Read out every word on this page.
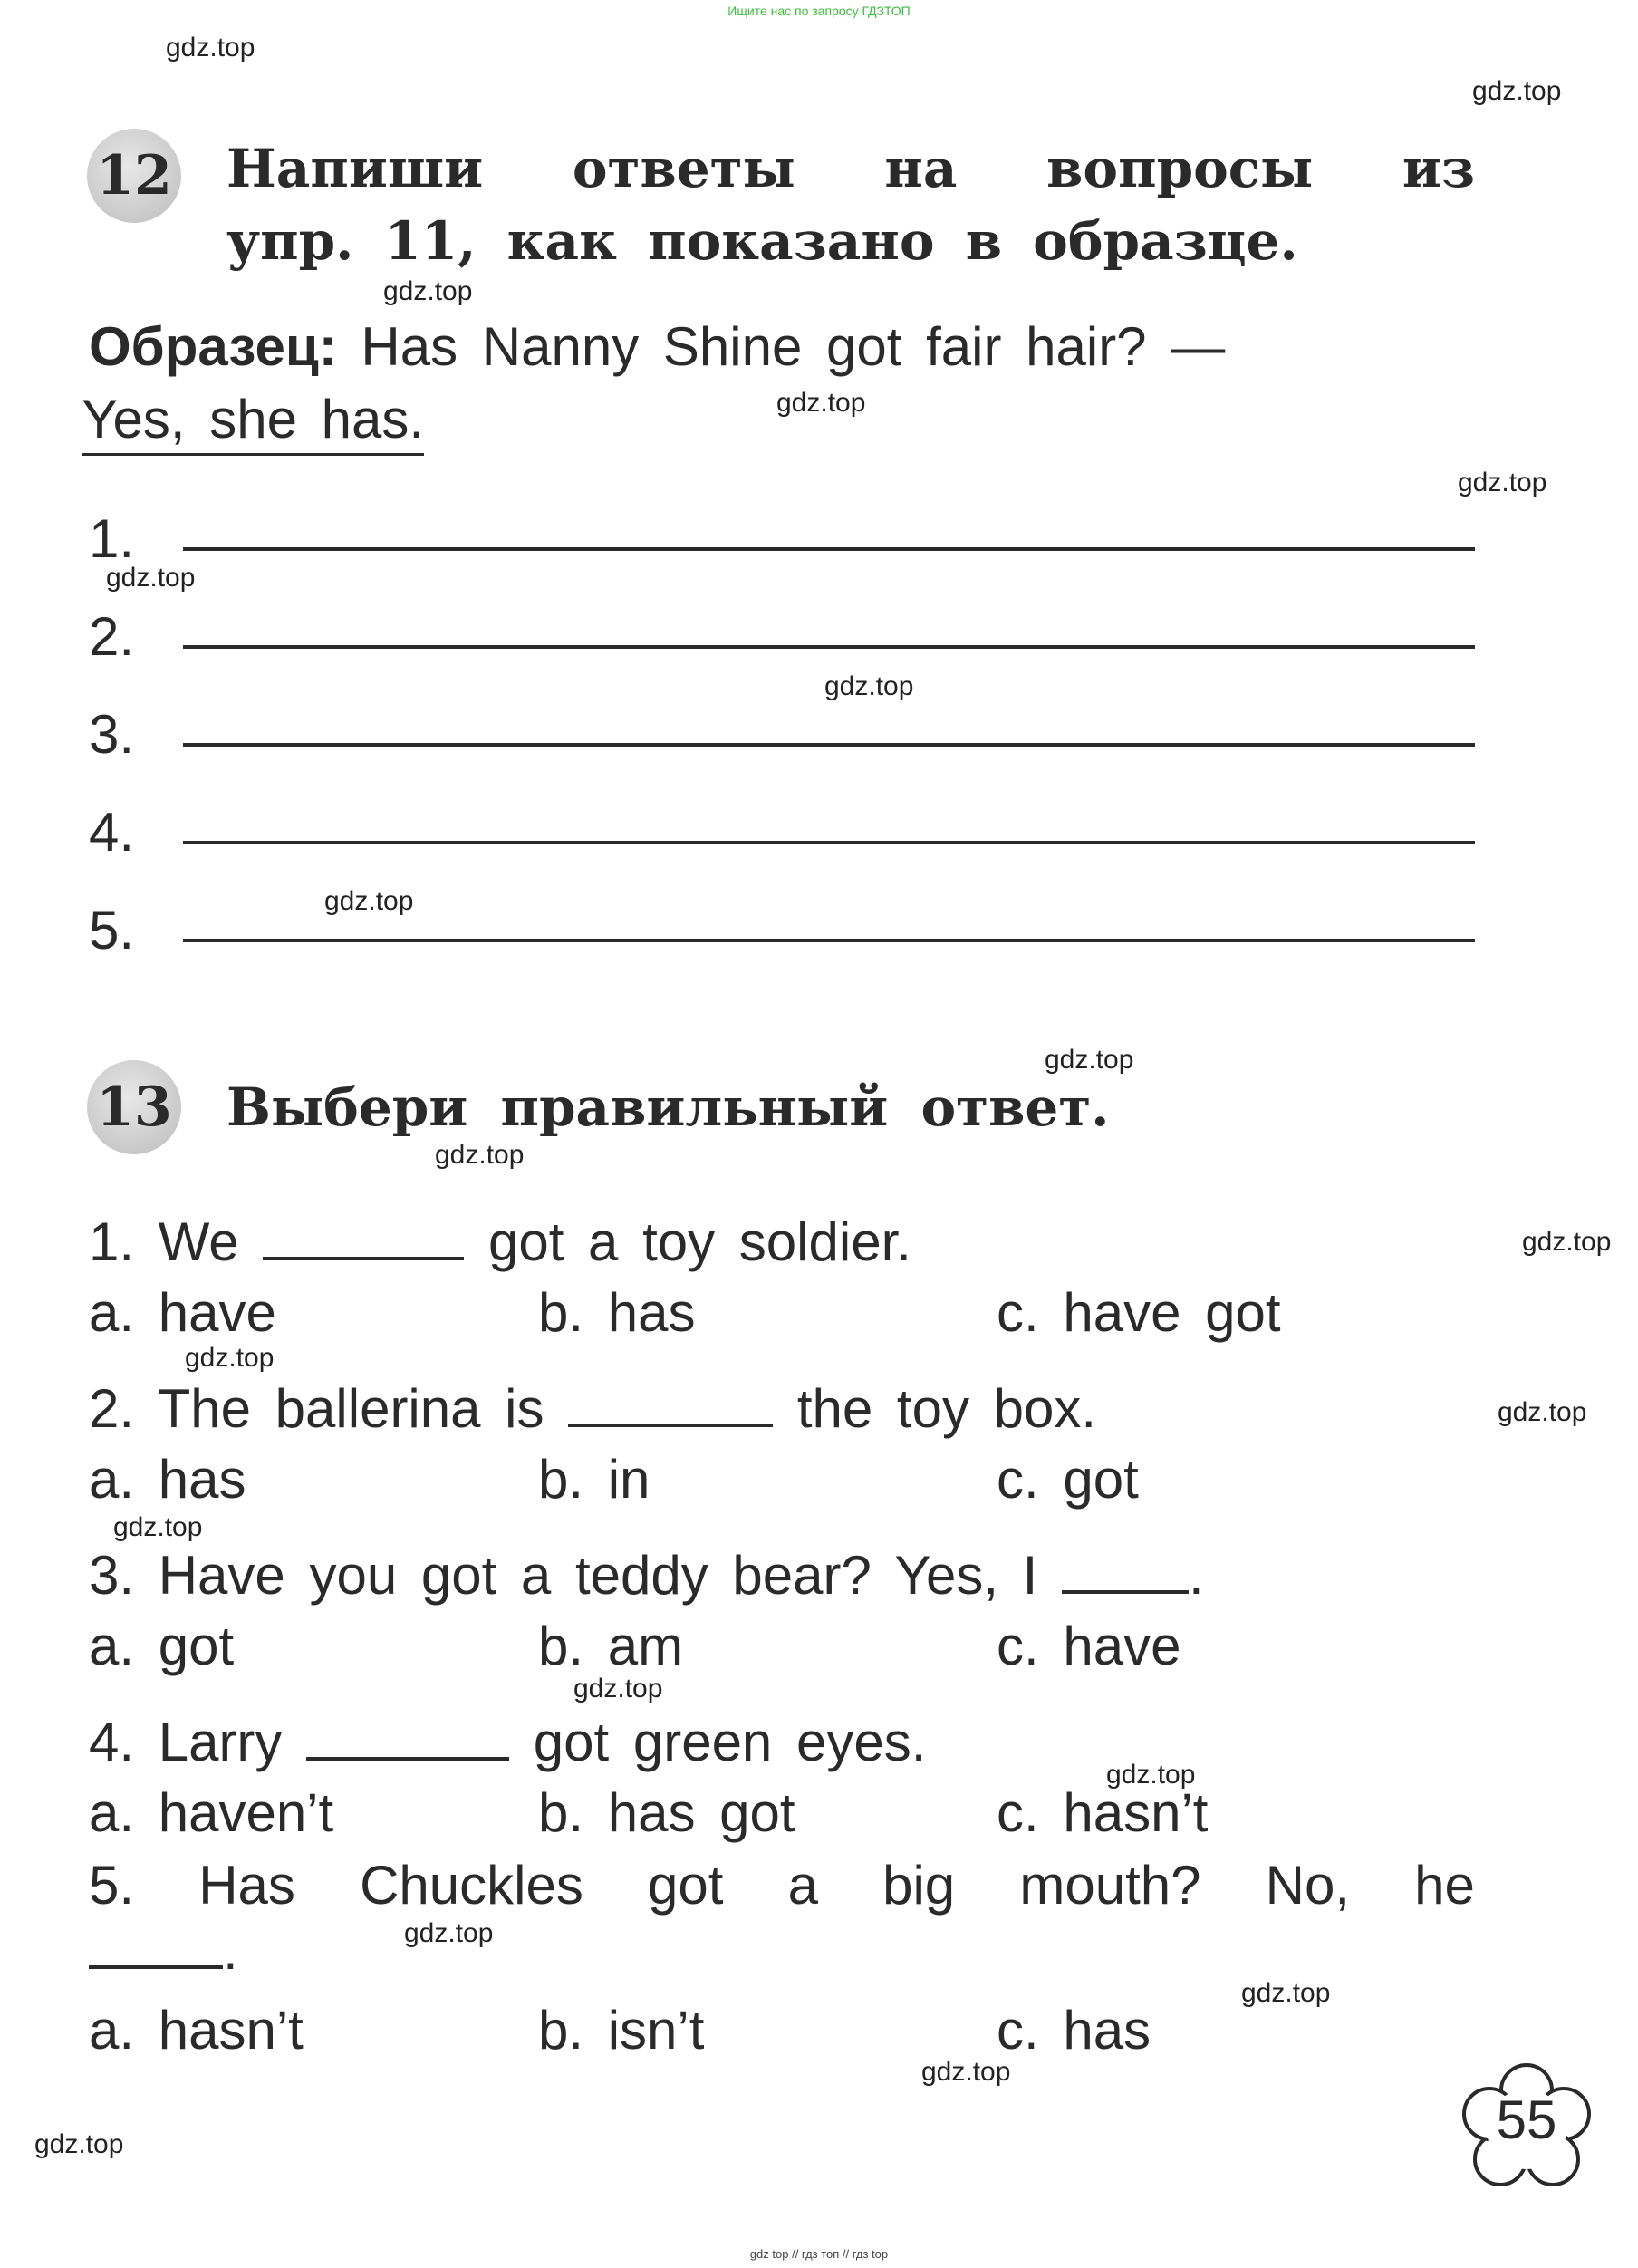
Ищите нас по запросу ГДЗТОП
gdz top // гдз топ // гдз top
gdz.top
gdz.top
gdz.top
gdz.top
gdz.top
gdz.top
gdz.top
gdz.top
gdz.top
gdz.top
gdz.top
gdz.top
gdz.top
gdz.top
gdz.top
gdz.top
gdz.top
gdz.top
gdz.top
gdz.top
12 Напиши ответы на вопросы из
упр. 11, как показано в образце.
Образец: Has Nanny Shine got fair hair? —
Yes, she has.
1.
2.
3.
4.
5.
13 Выбери правильный ответ.
1. We	got a toy soldier.
a. have	b. has	c. have got
2. The ballerina is	the toy box.
a. has	b. in	c. got
3. Have you got a teddy bear? Yes, I	.
a. got	b. am	c. have
4. Larry	got green eyes.
a. haven’t	b. has got	c. hasn’t
5. Has Chuckles got a big mouth? No, he
.
a. hasn’t	b. isn’t	c. has
55
